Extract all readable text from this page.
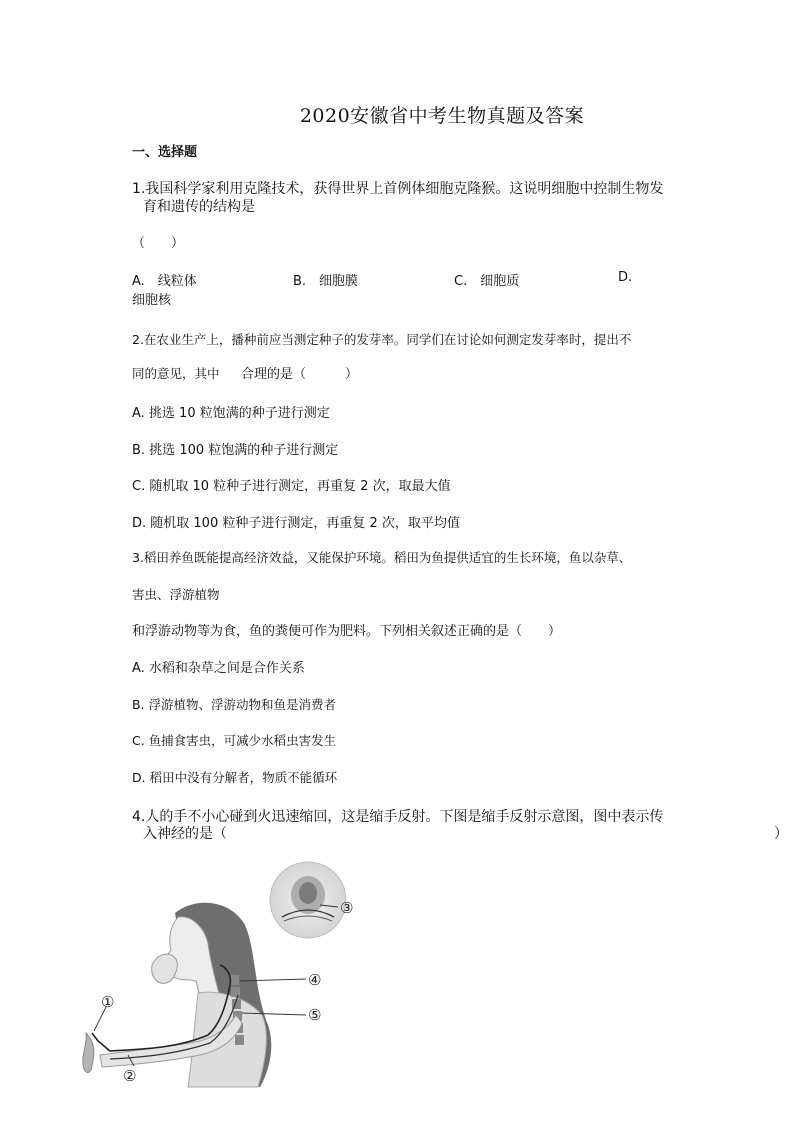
2020安徽省中考生物真题及答案
一、选择题
1.我国科学家利用克隆技术，获得世界上首例体细胞克隆猴。这说明细胞中控制生物发
育和遗传的结构是
（　　）
A.　线粒体	B.　细胞膜	C.　细胞质	D.
细胞核
2.在农业生产上，播种前应当测定种子的发芽率。同学们在讨论如何测定发芽率时，提出不
同的意见，其中 合理的是（　　　）
A. 挑选 10 粒饱满的种子进行测定
B. 挑选 100 粒饱满的种子进行测定
C. 随机取 10 粒种子进行测定，再重复 2 次，取最大值
D. 随机取 100 粒种子进行测定，再重复 2 次，取平均值
3.稻田养鱼既能提高经济效益，又能保护环境。稻田为鱼提供适宜的生长环境，鱼以杂草、
害虫、浮游植物
和浮游动物等为食，鱼的粪便可作为肥料。下列相关叙述正确的是（　　）
A. 水稻和杂草之间是合作关系
B. 浮游植物、浮游动物和鱼是消费者
C. 鱼捕食害虫，可减少水稻虫害发生
D. 稻田中没有分解者，物质不能循环
4.人的手不小心碰到火迅速缩回，这是缩手反射。下图是缩手反射示意图，图中表示传
入神经的是（	）
①
②
③
④
⑤
